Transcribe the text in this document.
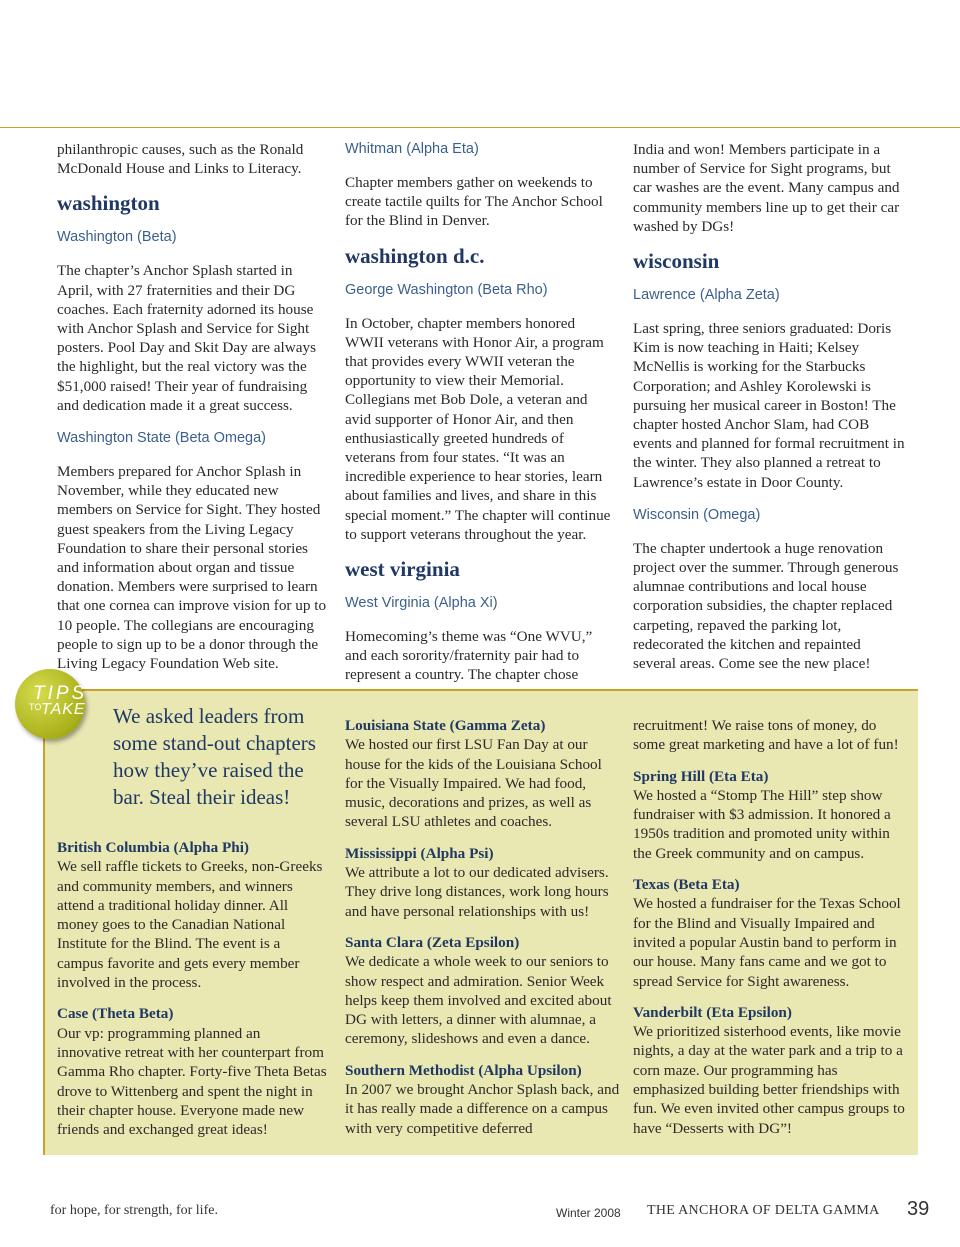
philanthropic causes, such as the Ronald McDonald House and Links to Literacy.

washington

Washington (Beta)

The chapter’s Anchor Splash started in April, with 27 fraternities and their DG coaches. Each fraternity adorned its house with Anchor Splash and Service for Sight posters. Pool Day and Skit Day are always the highlight, but the real victory was the $51,000 raised! Their year of fundraising and dedication made it a great success.

Washington State (Beta Omega)

Members prepared for Anchor Splash in November, while they educated new members on Service for Sight. They hosted guest speakers from the Living Legacy Foundation to share their personal stories and information about organ and tissue donation. Members were surprised to learn that one cornea can improve vision for up to 10 people. The collegians are encouraging people to sign up to be a donor through the Living Legacy Foundation Web site.

Whitman (Alpha Eta)

Chapter members gather on weekends to create tactile quilts for The Anchor School for the Blind in Denver.

washington d.c.

George Washington (Beta Rho)

In October, chapter members honored WWII veterans with Honor Air, a program that provides every WWII veteran the opportunity to view their Memorial. Collegians met Bob Dole, a veteran and avid supporter of Honor Air, and then enthusiastically greeted hundreds of veterans from four states. “It was an incredible experience to hear stories, learn about families and lives, and share in this special moment.” The chapter will continue to support veterans throughout the year.

west virginia

West Virginia (Alpha Xi)

Homecoming’s theme was “One WVU,” and each sorority/fraternity pair had to represent a country. The chapter chose

India and won! Members participate in a number of Service for Sight programs, but car washes are the event. Many campus and community members line up to get their car washed by DGs!

wisconsin

Lawrence (Alpha Zeta)

Last spring, three seniors graduated: Doris Kim is now teaching in Haiti; Kelsey McNellis is working for the Starbucks Corporation; and Ashley Korolewski is pursuing her musical career in Boston! The chapter hosted Anchor Slam, had COB events and planned for formal recruitment in the winter. They also planned a retreat to Lawrence’s estate in Door County.

Wisconsin (Omega)

The chapter undertook a huge renovation project over the summer. Through generous alumnae contributions and local house corporation subsidies, the chapter replaced carpeting, repaved the parking lot, redecorated the kitchen and repainted several areas. Come see the new place!

TIPS
TO TAKE We asked leaders from some stand-out chapters how they’ve raised the bar. Steal their ideas!

British Columbia (Alpha Phi)

We sell raffle tickets to Greeks, non-Greeks and community members, and winners attend a traditional holiday dinner. All money goes to the Canadian National Institute for the Blind. The event is a campus favorite and gets every member involved in the process.

Case (Theta Beta)

Our vp: programming planned an innovative retreat with her counterpart from Gamma Rho chapter. Forty-five Theta Betas drove to Wittenberg and spent the night in their chapter house. Everyone made new friends and exchanged great ideas!

Louisiana State (Gamma Zeta)

We hosted our first LSU Fan Day at our house for the kids of the Louisiana School for the Visually Impaired. We had food, music, decorations and prizes, as well as several LSU athletes and coaches.

Mississippi (Alpha Psi)

We attribute a lot to our dedicated advisers. They drive long distances, work long hours and have personal relationships with us!

Santa Clara (Zeta Epsilon)

We dedicate a whole week to our seniors to show respect and admiration. Senior Week helps keep them involved and excited about DG with letters, a dinner with alumnae, a ceremony, slideshows and even a dance.

Southern Methodist (Alpha Upsilon)

In 2007 we brought Anchor Splash back, and it has really made a difference on a campus with very competitive deferred

recruitment! We raise tons of money, do some great marketing and have a lot of fun!

Spring Hill (Eta Eta)

We hosted a “Stomp The Hill” step show fundraiser with $3 admission. It honored a 1950s tradition and promoted unity within the Greek community and on campus.

Texas (Beta Eta)

We hosted a fundraiser for the Texas School for the Blind and Visually Impaired and invited a popular Austin band to perform in our house. Many fans came and we got to spread Service for Sight awareness.

Vanderbilt (Eta Epsilon)

We prioritized sisterhood events, like movie nights, a day at the water park and a trip to a corn maze. Our programming has emphasized building better friendships with fun. We even invited other campus groups to have “Desserts with DG”!

for hope, for strength, for life.	Winter 2008 THE ANCHORA OF DELTA GAMMA 39
